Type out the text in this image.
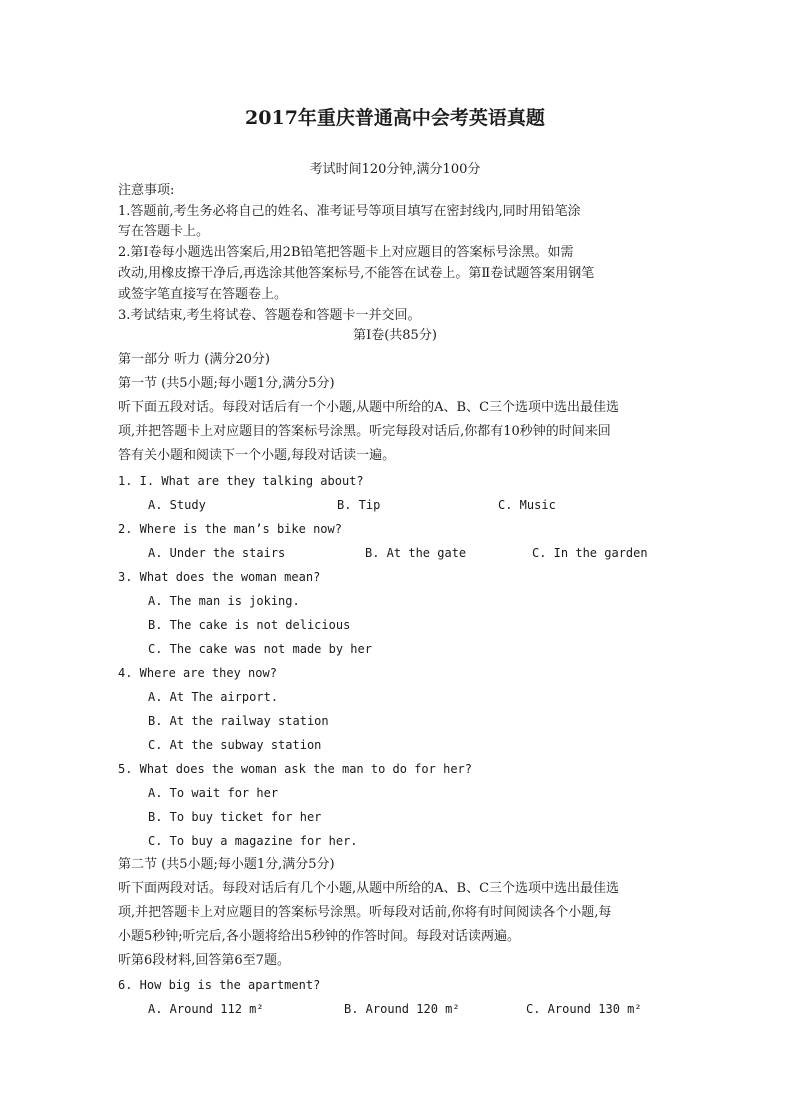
2017年重庆普通高中会考英语真题
考试时间120分钟,满分100分
注意事项:
1.答题前,考生务必将自己的姓名、准考证号等项目填写在密封线内,同时用铅笔涂
写在答题卡上。
2.第Ⅰ卷每小题选出答案后,用2B铅笔把答题卡上对应题目的答案标号涂黑。如需
改动,用橡皮擦干净后,再选涂其他答案标号,不能答在试卷上。第Ⅱ卷试题答案用钢笔
或签字笔直接写在答题卷上。
3.考试结束,考生将试卷、答题卷和答题卡一并交回。
第Ⅰ卷(共85分)
第一部分 听力 (满分20分)
第一节 (共5小题;每小题1分,满分5分)
听下面五段对话。每段对话后有一个小题,从题中所给的A、B、C三个选项中选出最佳选
项,并把答题卡上对应题目的答案标号涂黑。听完每段对话后,你都有10秒钟的时间来回
答有关小题和阅读下一个小题,每段对话读一遍。
1. I. What are they talking about?
A. Study	B. Tip	C. Music
2. Where is the man’s bike now?
A. Under the stairs	B. At the gate	C. In the garden
3. What does the woman mean?
A. The man is joking.
B. The cake is not delicious
C. The cake was not made by her
4. Where are they now?
A. At The airport.
B. At the railway station
C. At the subway station
5. What does the woman ask the man to do for her?
A. To wait for her
B. To buy ticket for her
C. To buy a magazine for her.
第二节 (共5小题;每小题1分,满分5分)
听下面两段对话。每段对话后有几个小题,从题中所给的A、B、C三个选项中选出最佳选
项,并把答题卡上对应题目的答案标号涂黑。听每段对话前,你将有时间阅读各个小题,每
小题5秒钟;听完后,各小题将给出5秒钟的作答时间。每段对话读两遍。
听第6段材料,回答第6至7题。
6. How big is the apartment?
A. Around 112 m²	B. Around 120 m²	C. Around 130 m²
